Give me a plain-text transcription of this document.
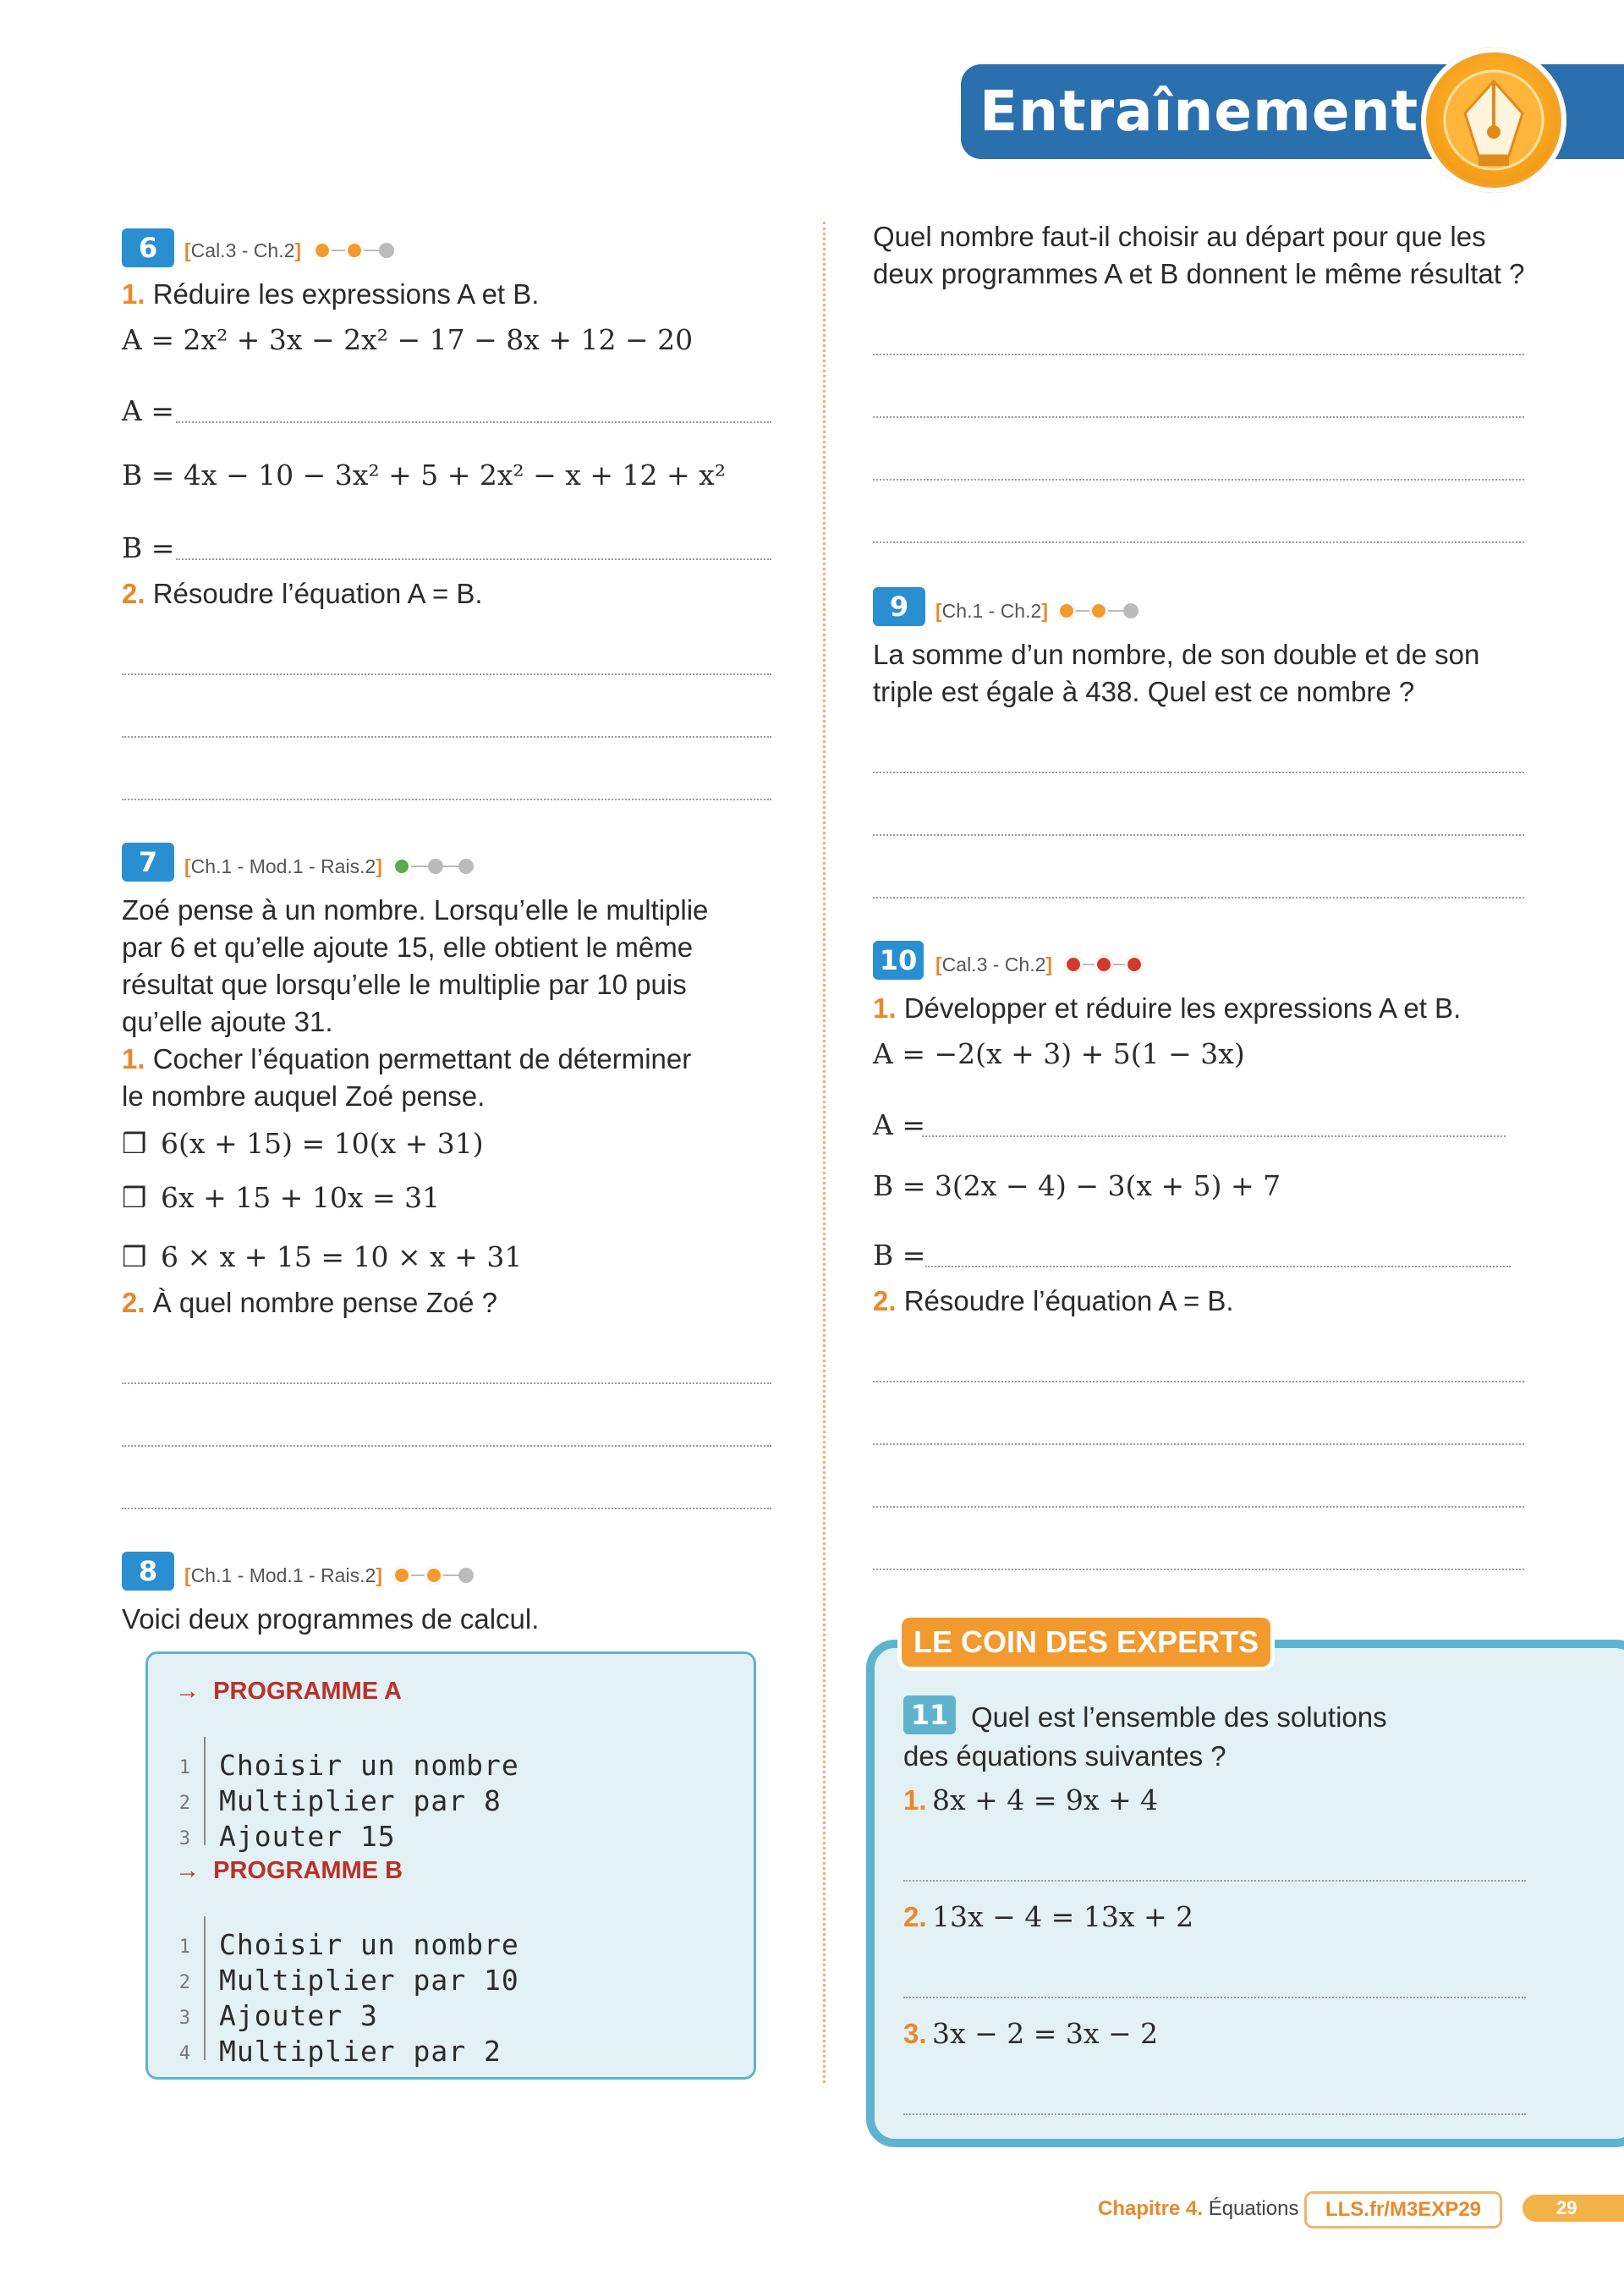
Entraînement
6	[Cal.3 - Ch.2]
1. Réduire les expressions A et B.
A = 2x² + 3x − 2x² − 17 − 8x + 12 − 20
A =
B = 4x − 10 − 3x² + 5 + 2x² − x + 12 + x²
B =
2. Résoudre l’équation A = B.
7	[Ch.1 - Mod.1 - Rais.2]
Zoé pense à un nombre. Lorsqu’elle le multiplie
par 6 et qu’elle ajoute 15, elle obtient le même
résultat que lorsqu’elle le multiplie par 10 puis
qu’elle ajoute 31.
1. Cocher l’équation permettant de déterminer
le nombre auquel Zoé pense.
❒ 6(x + 15) = 10(x + 31)
❒ 6x + 15 + 10x = 31
❒ 6 × x + 15 = 10 × x + 31
2. À quel nombre pense Zoé ?
8	[Ch.1 - Mod.1 - Rais.2]
Voici deux programmes de calcul.
→ PROGRAMME A
1
2
3
Choisir un nombre
Multiplier par 8
Ajouter 15
→ PROGRAMME B
1
2
3
4
Choisir un nombre
Multiplier par 10
Ajouter 3
Multiplier par 2
Quel nombre faut-il choisir au départ pour que les
deux programmes A et B donnent le même résultat ?
9	[Ch.1 - Ch.2]
La somme d’un nombre, de son double et de son
triple est égale à 438. Quel est ce nombre ?
10 [Cal.3 - Ch.2]
1. Développer et réduire les expressions A et B.
A = −2(x + 3) + 5(1 − 3x)
A =
B = 3(2x − 4) − 3(x + 5) + 7
B =
2. Résoudre l’équation A = B.
LE COIN DES EXPERTS
11 Quel est l’ensemble des solutions
des équations suivantes ?
1. 8x + 4 = 9x + 4
2. 13x − 4 = 13x + 2
3. 3x − 2 = 3x − 2
Chapitre 4. Équations	LLS.fr/M3EXP29	29
